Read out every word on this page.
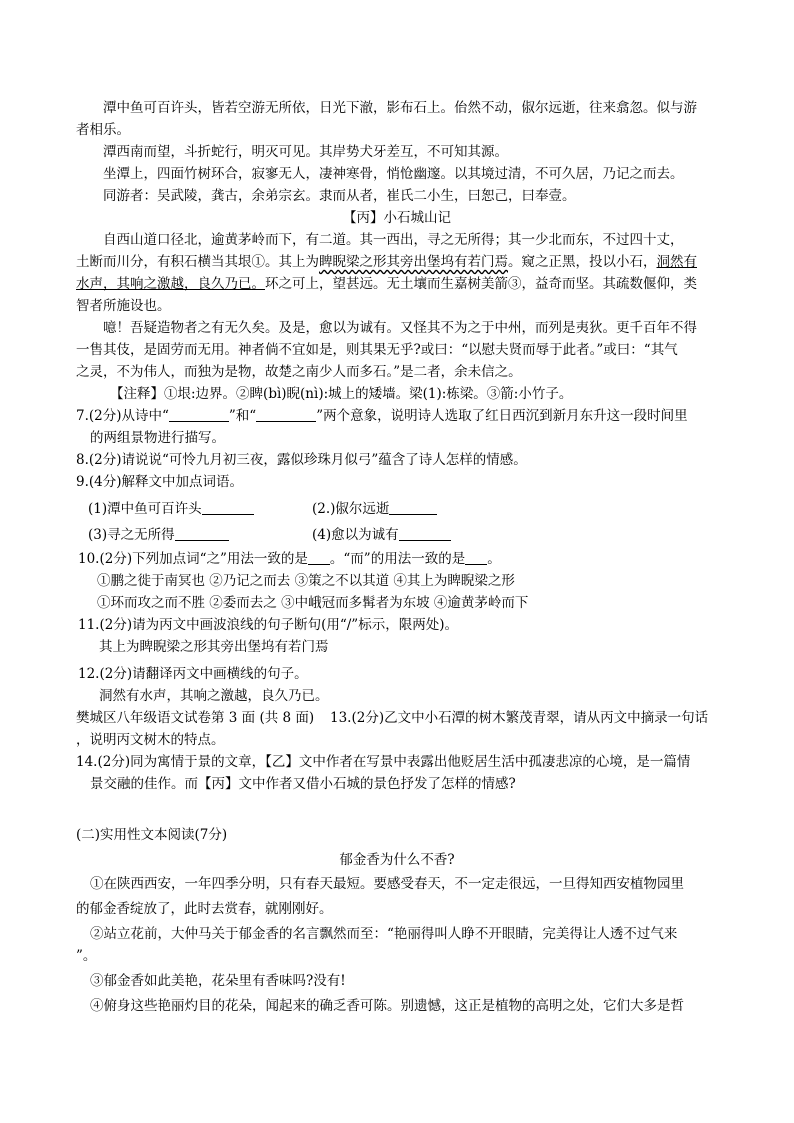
潭中鱼可百许头，皆若空游无所依，日光下澈，影布石上。佁然不动，俶尔远逝，往来翕忽。似与游
者相乐。
潭西南而望，斗折蛇行，明灭可见。其岸势犬牙差互，不可知其源。
坐潭上，四面竹树环合，寂寥无人，凄神寒骨，悄怆幽邃。以其境过清，不可久居，乃记之而去。
同游者：吴武陵，龚古，余弟宗玄。隶而从者，崔氏二小生，曰恕己，曰奉壹。
【丙】小石城山记
自西山道口径北，逾黄茅岭而下，有二道。其一西出，寻之无所得；其一少北而东，不过四十丈，
土断而川分，有积石横当其垠①。其上为睥睨梁之形其旁出堡坞有若门焉。窥之正黑，投以小石，洞然有
水声，其响之激越，良久乃已。环之可上，望甚远。无土壤而生嘉树美箭③，益奇而坚。其疏数偃仰，类
智者所施设也。
噫！吾疑造物者之有无久矣。及是，愈以为诚有。又怪其不为之于中州，而列是夷狄。更千百年不得
一售其伎，是固劳而无用。神者倘不宜如是，则其果无乎?或曰：“以慰夫贤而辱于此者。”或曰：“其气
之灵，不为伟人，而独为是物，故楚之南少人而多石。”是二者，余未信之。
【注释】①垠:边界。②睥(bì)睨(nì):城上的矮墙。梁(1):栋梁。③箭:小竹子。
7.(2分)从诗中“	”和“	”两个意象，说明诗人选取了红日西沉到新月东升这一段时间里
的两组景物进行描写。
8.(2分)请说说“可怜九月初三夜，露似珍珠月似弓”蕴含了诗人怎样的情感。
9.(4分)解释文中加点词语。
(1)潭中鱼可百许头	(2.)俶尔远逝
(3)寻之无所得	(4)愈以为诚有
10.(2分)下列加点词“之”用法一致的是 。“而”的用法一致的是 。
①鹏之徙于南冥也 ②乃记之而去 ③策之不以其道 ④其上为睥睨梁之形
①环而攻之而不胜 ②委而去之 ③中峨冠而多髯者为东坡 ④逾黄茅岭而下
11.(2分)请为丙文中画波浪线的句子断句(用“/”标示，限两处)。
其上为睥睨梁之形其旁出堡坞有若门焉
12.(2分)请翻译丙文中画横线的句子。
洞然有水声，其响之激越，良久乃已。
樊城区八年级语文试卷第 3 面 (共 8 面) 13.(2分)乙文中小石潭的树木繁茂青翠，请从丙文中摘录一句话
，说明丙文树木的特点。
14.(2分)同为寓情于景的文章，【乙】文中作者在写景中表露出他贬居生活中孤凄悲凉的心境，是一篇情
景交融的佳作。而【丙】文中作者又借小石城的景色抒发了怎样的情感?
(二)实用性文本阅读(7分)
郁金香为什么不香?
①在陕西西安，一年四季分明，只有春天最短。要感受春天，不一定走很远，一旦得知西安植物园里
的郁金香绽放了，此时去赏春，就刚刚好。
②站立花前，大仲马关于郁金香的名言飘然而至：“艳丽得叫人睁不开眼睛，完美得让人透不过气来
”。
③郁金香如此美艳，花朵里有香味吗?没有!
④俯身这些艳丽灼目的花朵，闻起来的确乏香可陈。别遗憾，这正是植物的高明之处，它们大多是哲
